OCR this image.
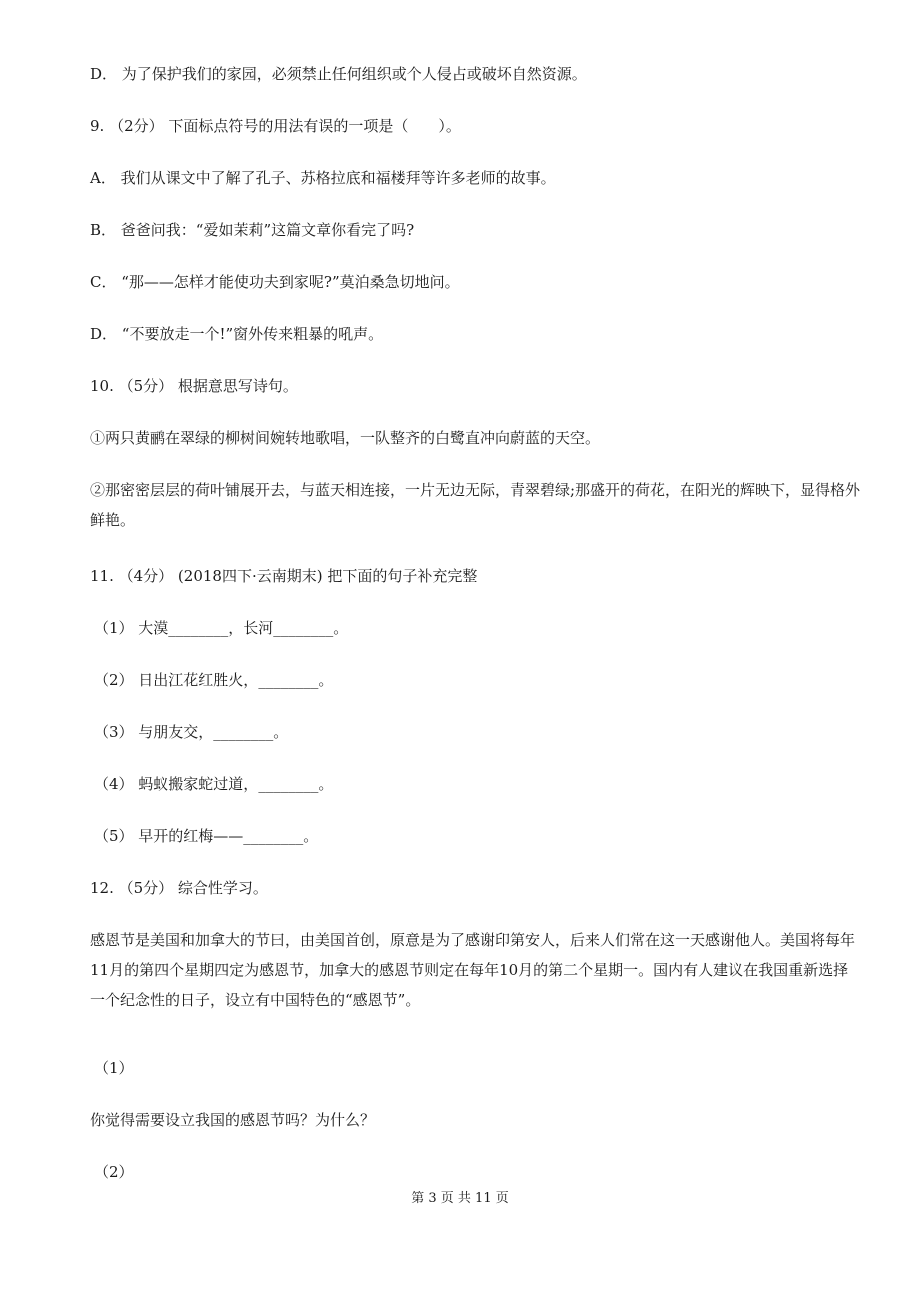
D． 为了保护我们的家园，必须禁止任何组织或个人侵占或破坏自然资源。
9. （2分） 下面标点符号的用法有误的一项是（　　）。
A． 我们从课文中了解了孔子、苏格拉底和福楼拜等许多老师的故事。
B． 爸爸问我：“爱如茉莉”这篇文章你看完了吗?
C． “那——怎样才能使功夫到家呢?”莫泊桑急切地问。
D． “不要放走一个!”窗外传来粗暴的吼声。
10. （5分） 根据意思写诗句。
①两只黄鹂在翠绿的柳树间婉转地歌唱，一队整齐的白鹭直冲向蔚蓝的天空。
②那密密层层的荷叶铺展开去，与蓝天相连接，一片无边无际，青翠碧绿;那盛开的荷花，在阳光的辉映下，显得格外鲜艳。
11. （4分） (2018四下·云南期末) 把下面的句子补充完整
（1） 大漠________，长河________。
（2） 日出江花红胜火，________。
（3） 与朋友交，________。
（4） 蚂蚁搬家蛇过道，________。
（5） 早开的红梅——________。
12. （5分） 综合性学习。
感恩节是美国和加拿大的节曰，由美国首创，原意是为了感谢印第安人，后来人们常在这一天感谢他人。美国将每年11月的第四个星期四定为感恩节，加拿大的感恩节则定在每年10月的第二个星期一。国内有人建议在我国重新选择一个纪念性的日子，设立有中国特色的“感恩节”。
（1）
你觉得需要设立我国的感恩节吗？为什么？
（2）
第 3 页 共 11 页
